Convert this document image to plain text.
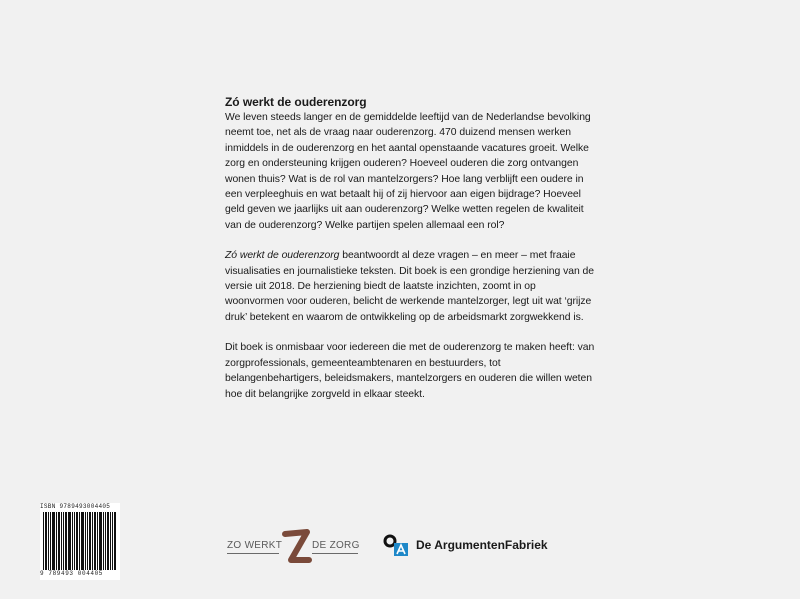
Zó werkt de ouderenzorg

We leven steeds langer en de gemiddelde leeftijd van de Nederlandse bevolking neemt toe, net als de vraag naar ouderenzorg. 470 duizend mensen werken inmiddels in de ouderenzorg en het aantal openstaande vacatures groeit. Welke zorg en ondersteuning krijgen ouderen? Hoeveel ouderen die zorg ontvangen wonen thuis? Wat is de rol van mantelzorgers? Hoe lang verblijft een oudere in een verpleeghuis en wat betaalt hij of zij hiervoor aan eigen bijdrage? Hoeveel geld geven we jaarlijks uit aan ouderenzorg? Welke wetten regelen de kwaliteit van de ouderenzorg? Welke partijen spelen allemaal een rol?

Zó werkt de ouderenzorg beantwoordt al deze vragen – en meer – met fraaie visualisaties en journalistieke teksten. Dit boek is een grondige herziening van de versie uit 2018. De herziening biedt de laatste inzichten, zoomt in op woonvormen voor ouderen, belicht de werkende mantelzorger, legt uit wat ‘grijze druk’ betekent en waarom de ontwikkeling op de arbeidsmarkt zorgwekkend is.

Dit boek is onmisbaar voor iedereen die met de ouderenzorg te maken heeft: van zorgprofessionals, gemeenteambtenaren en bestuurders, tot belangenbehartigers, beleidsmakers, mantelzorgers en ouderen die willen weten hoe dit belangrijke zorgveld in elkaar steekt.

ISBN 9789493004405
9 789493 004405
ZO WERKT	DE ZORG	De ArgumentenFabriek
